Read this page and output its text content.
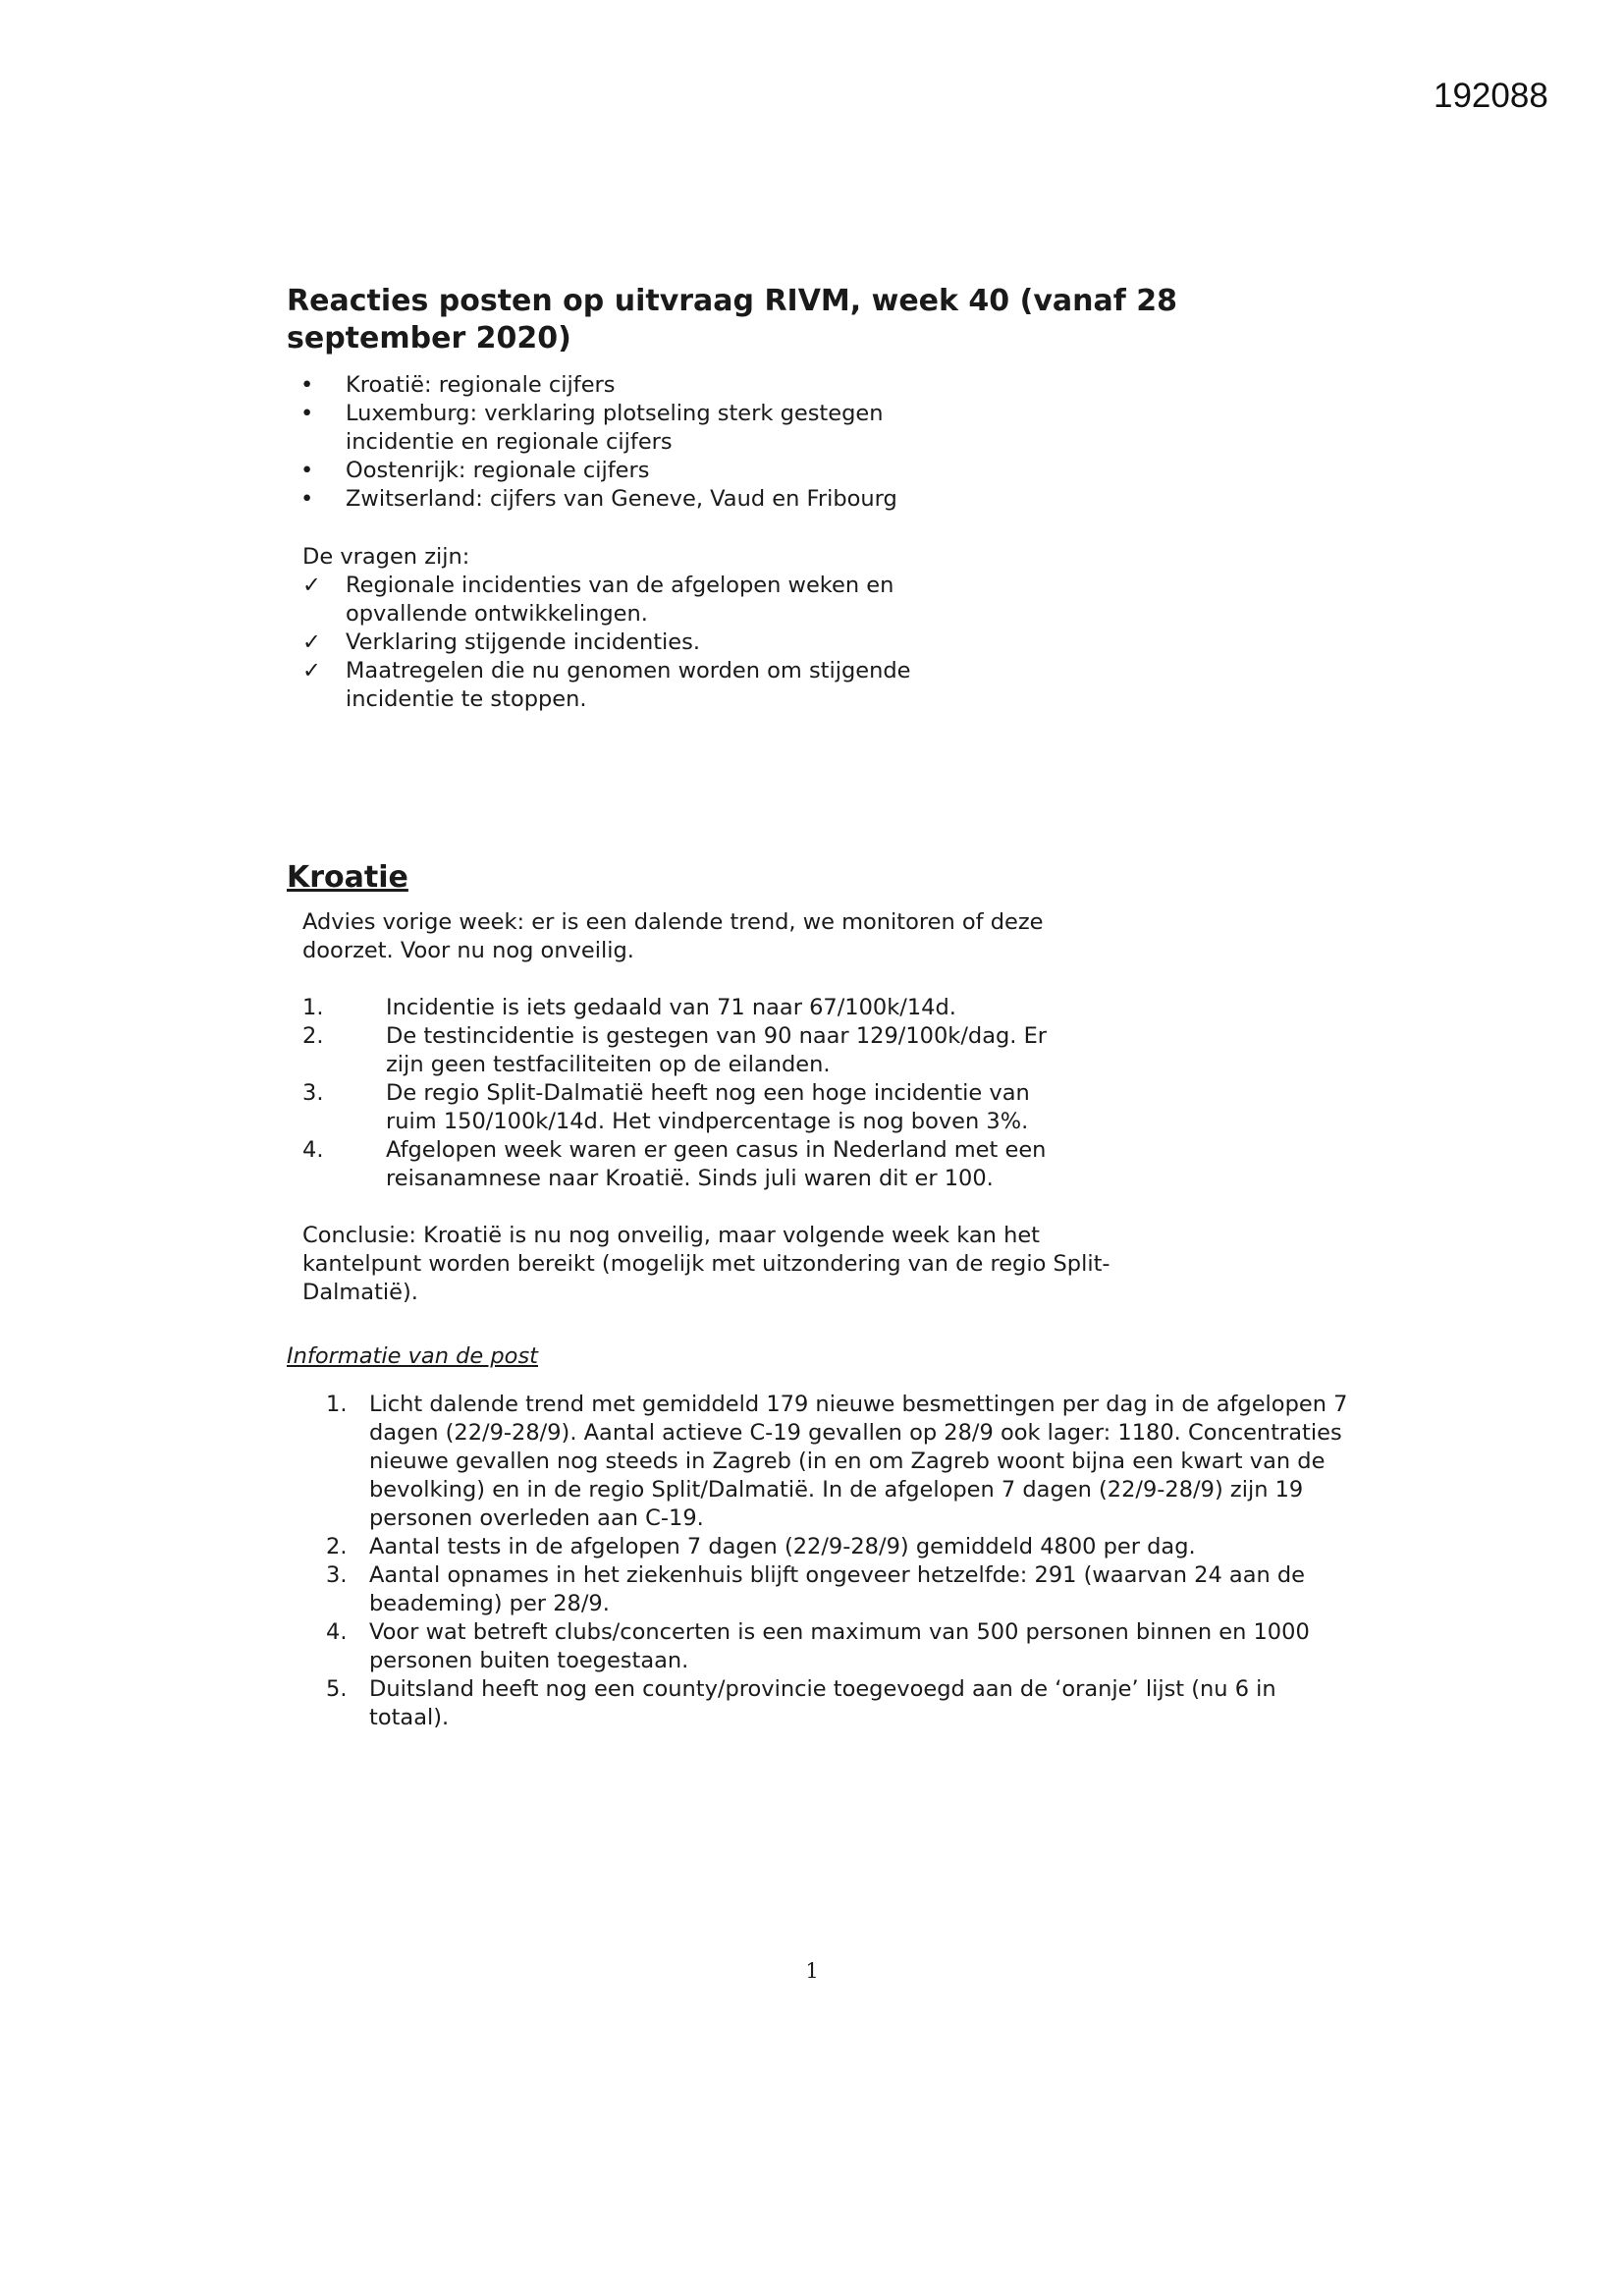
192088
Reacties posten op uitvraag RIVM, week 40 (vanaf 28 september 2020)
• Kroatië: regionale cijfers
• Luxemburg: verklaring plotseling sterk gestegen incidentie en regionale cijfers
• Oostenrijk: regionale cijfers
• Zwitserland: cijfers van Geneve, Vaud en Fribourg
De vragen zijn:
✓ Regionale incidenties van de afgelopen weken en opvallende ontwikkelingen.
✓ Verklaring stijgende incidenties.
✓ Maatregelen die nu genomen worden om stijgende incidentie te stoppen.
Kroatie
Advies vorige week: er is een dalende trend, we monitoren of deze doorzet. Voor nu nog onveilig.
1.	Incidentie is iets gedaald van 71 naar 67/100k/14d.
2.	De testincidentie is gestegen van 90 naar 129/100k/dag. Er zijn geen testfaciliteiten op de eilanden.
3.	De regio Split-Dalmatië heeft nog een hoge incidentie van ruim 150/100k/14d. Het vindpercentage is nog boven 3%.
4.	Afgelopen week waren er geen casus in Nederland met een reisanamnese naar Kroatië. Sinds juli waren dit er 100.
Conclusie: Kroatië is nu nog onveilig, maar volgende week kan het kantelpunt worden bereikt (mogelijk met uitzondering van de regio Split- Dalmatië).
Informatie van de post
1. Licht dalende trend met gemiddeld 179 nieuwe besmettingen per dag in de afgelopen 7 dagen (22/9-28/9). Aantal actieve C-19 gevallen op 28/9 ook lager: 1180. Concentraties nieuwe gevallen nog steeds in Zagreb (in en om Zagreb woont bijna een kwart van de bevolking) en in de regio Split/Dalmatië. In de afgelopen 7 dagen (22/9-28/9) zijn 19 personen overleden aan C-19.
2. Aantal tests in de afgelopen 7 dagen (22/9-28/9) gemiddeld 4800 per dag.
3. Aantal opnames in het ziekenhuis blijft ongeveer hetzelfde: 291 (waarvan 24 aan de beademing) per 28/9.
4. Voor wat betreft clubs/concerten is een maximum van 500 personen binnen en 1000 personen buiten toegestaan.
5. Duitsland heeft nog een county/provincie toegevoegd aan de ‘oranje’ lijst (nu 6 in totaal).
1
